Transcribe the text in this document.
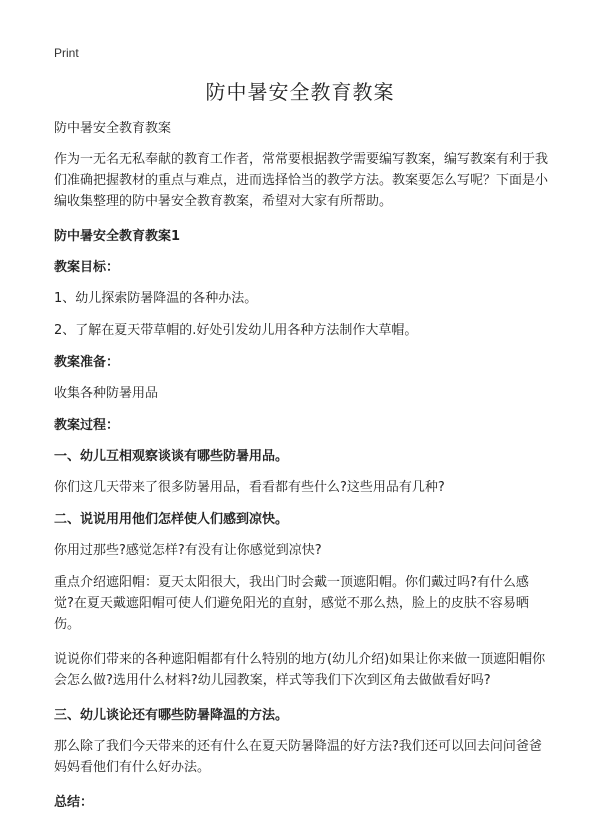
Print
防中暑安全教育教案

防中暑安全教育教案

作为一无名无私奉献的教育工作者，常常要根据教学需要编写教案，编写教案有利于我们准确把握教材的重点与难点，进而选择恰当的教学方法。教案要怎么写呢？下面是小编收集整理的防中暑安全教育教案，希望对大家有所帮助。

防中暑安全教育教案1

教案目标：

1、幼儿探索防暑降温的各种办法。

2、了解在夏天带草帽的.好处引发幼儿用各种方法制作大草帽。

教案准备：

收集各种防暑用品

教案过程：

一、幼儿互相观察谈谈有哪些防暑用品。

你们这几天带来了很多防暑用品，看看都有些什么?这些用品有几种?

二、说说用用他们怎样使人们感到凉快。

你用过那些?感觉怎样?有没有让你感觉到凉快?

重点介绍遮阳帽：夏天太阳很大，我出门时会戴一顶遮阳帽。你们戴过吗?有什么感觉?在夏天戴遮阳帽可使人们避免阳光的直射，感觉不那么热，脸上的皮肤不容易晒伤。

说说你们带来的各种遮阳帽都有什么特别的地方(幼儿介绍)如果让你来做一顶遮阳帽你会怎么做?选用什么材料?幼儿园教案，样式等我们下次到区角去做做看好吗?

三、幼儿谈论还有哪些防暑降温的方法。

那么除了我们今天带来的还有什么在夏天防暑降温的好方法?我们还可以回去问问爸爸妈妈看他们有什么好办法。

总结：
